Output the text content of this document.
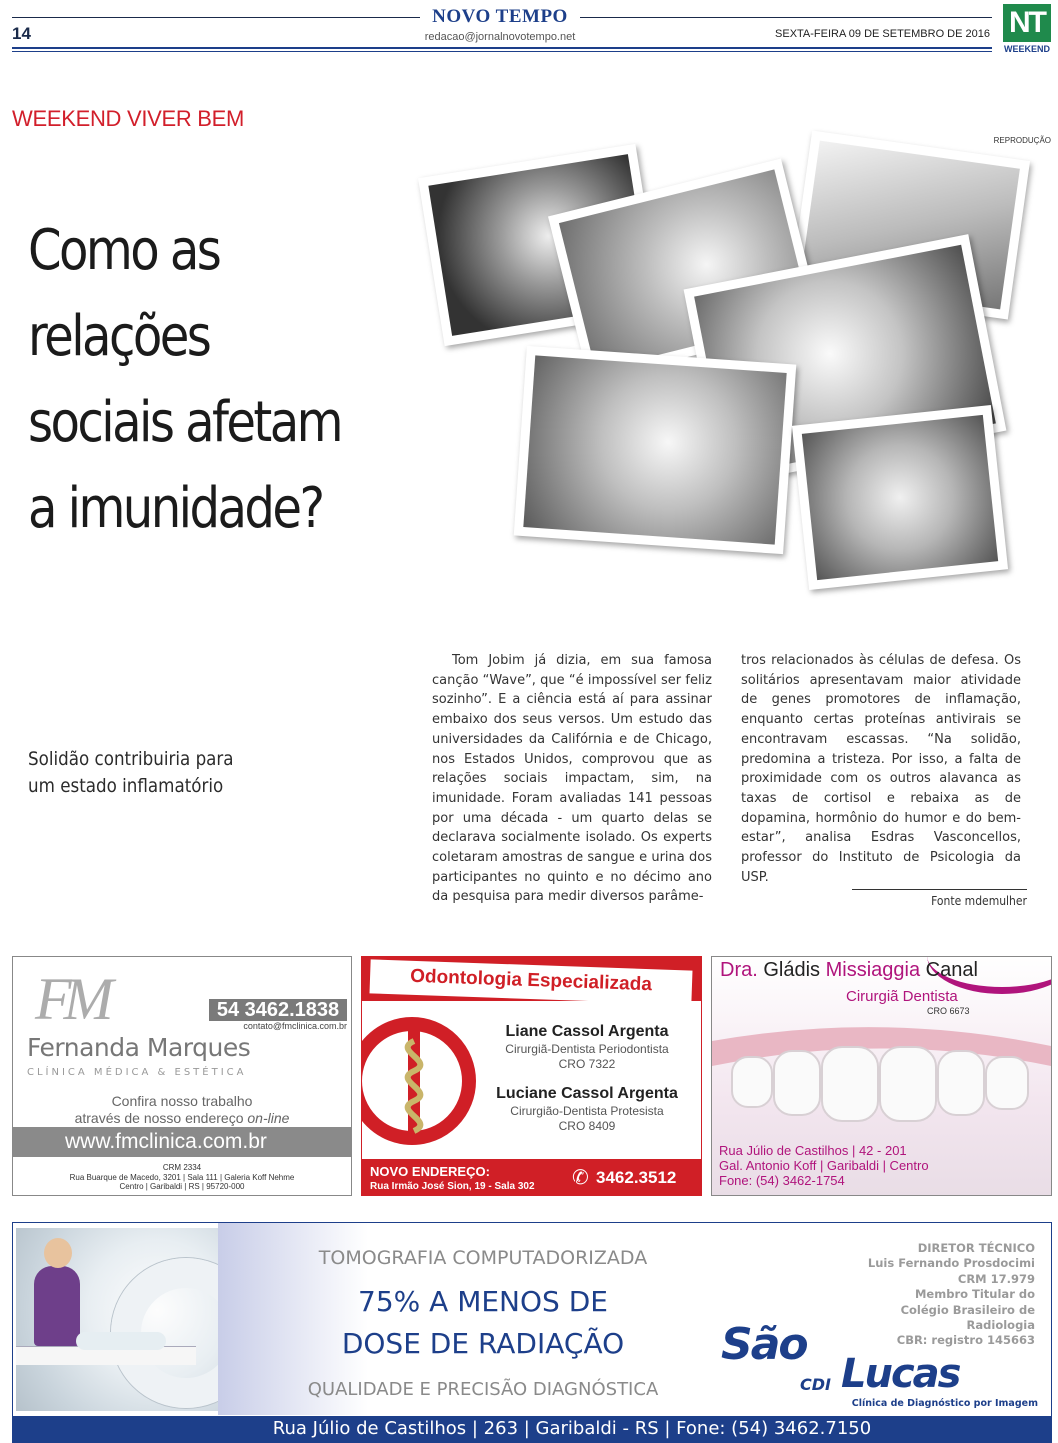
14
NOVO TEMPO
redacao@jornalnovotempo.net	SEXTA-FEIRA 09 DE SETEMBRO DE 2016 NT
WEEKEND
WEEKEND VIVER BEM
REPRODUÇÃO
Como as
relações
sociais afetam
a imunidade?
Solidão contribuiria para
um estado inflamatório

Tom Jobim já dizia, em sua famosa canção “Wave”, que “é impossível ser feliz sozinho”. E a ciência está aí para assinar embaixo dos seus versos. Um estudo das universidades da Califórnia e de Chicago, nos Estados Unidos, comprovou que as relações sociais impactam, sim, na imunidade. Foram avaliadas 141 pessoas por uma década - um quarto delas se declarava socialmente isolado. Os experts coletaram amostras de sangue e urina dos participantes no quinto e no décimo ano da pesquisa para medir diversos parâme-

tros relacionados às células de defesa. Os solitários apresentavam maior atividade de genes promotores de inflamação, enquanto certas proteínas antivirais se encontravam escassas. “Na solidão, predomina a tristeza. Por isso, a falta de proximidade com os outros alavanca as taxas de cortisol e rebaixa as de dopamina, hormônio do humor e do bem-estar”, analisa Esdras Vasconcellos, professor do Instituto de Psicologia da USP.

Fonte mdemulher
FM	54 3462.1838
contato@fmclinica.com.br
Fernanda Marques
CLÍNICA MÉDICA & ESTÉTICA
Confira nosso trabalho
através de nosso endereço on-line
www.fmclinica.com.br
CRM 2334
Rua Buarque de Macedo, 3201 | Sala 111 | Galeria Koff Nehme
Centro | Garibaldi | RS | 95720-000
Odontologia Especializada
Liane Cassol Argenta
Cirurgiã-Dentista Periodontista
CRO 7322
Luciane Cassol Argenta
Cirurgião-Dentista Protesista
CRO 8409
NOVO ENDEREÇO:
Rua Irmão José Sion, 19 - Sala 302 ✆ 3462.3512
Dra. Gládis Missiaggia Canal
Cirurgiã Dentista
CRO 6673
Rua Júlio de Castilhos | 42 - 201
Gal. Antonio Koff | Garibaldi | Centro
Fone: (54) 3462-1754
TOMOGRAFIA COMPUTADORIZADA
75% A MENOS DE
DOSE DE RADIAÇÃO
QUALIDADE E PRECISÃO DIAGNÓSTICA
DIRETOR TÉCNICO
Luis Fernando Prosdocimi
CRM 17.979
Membro Titular do
Colégio Brasileiro de
Radiologia
CBR: registro 145663
São
CDI Lucas
Clínica de Diagnóstico por Imagem
Rua Júlio de Castilhos | 263 | Garibaldi - RS | Fone: (54) 3462.7150
